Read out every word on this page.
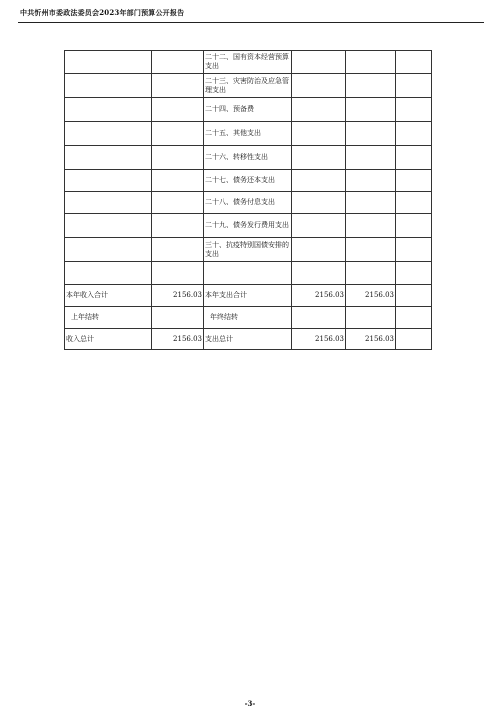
中共忻州市委政法委员会2023年部门预算公开报告
		二十二、国有资本经营预算支出			
		二十三、灾害防治及应急管理支出			
		二十四、预备费			
		二十五、其他支出			
		二十六、转移性支出			
		二十七、债务还本支出			
		二十八、债务付息支出			
		二十九、债务发行费用支出			
		三十、抗疫特别国债安排的支出			

本年收入合计	2156.03	本年支出合计	2156.03	2156.03	
上年结转		年终结转			
收入总计	2156.03	支出总计	2156.03	2156.03	
-3-
